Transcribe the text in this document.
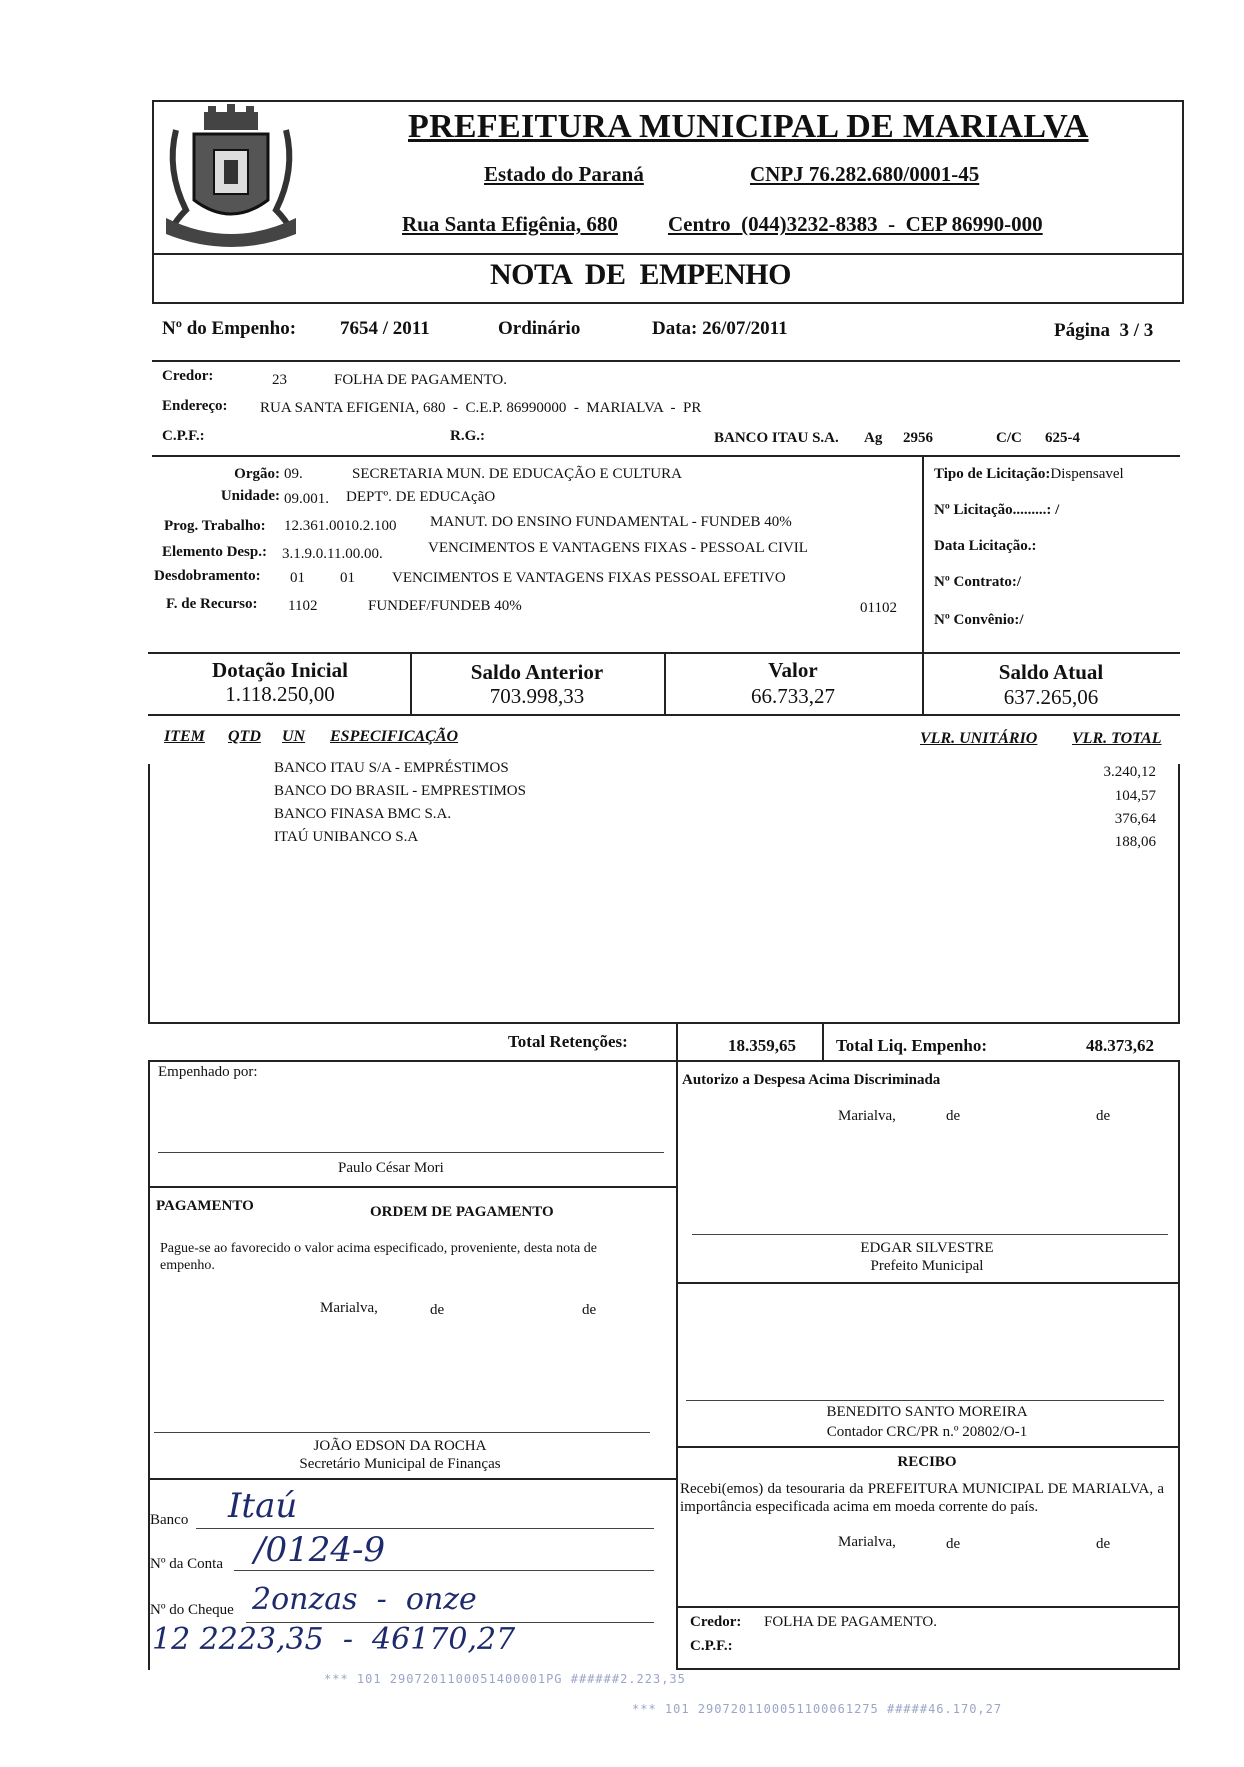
PREFEITURA MUNICIPAL DE MARIALVA
Estado do Paraná	CNPJ 76.282.680/0001-45
Rua Santa Efigênia, 680 Centro  (044)3232-8383  -  CEP 86990-000
NOTA  DE  EMPENHO
Nº do Empenho: 7654 / 2011	Ordinário	Data: 26/07/2011	Página  3 / 3
Credor:	23	FOLHA DE PAGAMENTO.
Endereço: RUA SANTA EFIGENIA, 680  -  C.E.P. 86990000  -  MARIALVA  -  PR
C.P.F.:	R.G.:	BANCO ITAU S.A. Ag 2956	C/C 625-4
Orgão: 09.	SECRETARIA MUN. DE EDUCAÇÃO E CULTURA
Unidade: 09.001. DEPTº. DE EDUCAçãO
Prog. Trabalho: 12.361.0010.2.100 MANUT. DO ENSINO FUNDAMENTAL - FUNDEB 40%
Elemento Desp.: 3.1.9.0.11.00.00.	VENCIMENTOS E VANTAGENS FIXAS - PESSOAL CIVIL
Desdobramento: 01 01 VENCIMENTOS E VANTAGENS FIXAS PESSOAL EFETIVO
F. de Recurso: 1102	FUNDEF/FUNDEB 40%	01102
Tipo de Licitação:Dispensavel
Nº Licitação.........: /
Data Licitação.:
Nº Contrato:/
Nº Convênio:/
Dotação Inicial
1.118.250,00
Saldo Anterior
703.998,33
Valor
66.733,27
Saldo Atual
637.265,06
ITEM QTD UN ESPECIFICAÇÃO	VLR. UNITÁRIO VLR. TOTAL
BANCO ITAU S/A - EMPRÉSTIMOS	3.240,12
BANCO DO BRASIL - EMPRESTIMOS	104,57
BANCO FINASA BMC S.A.	376,64
ITAÚ UNIBANCO S.A	188,06
Total Retenções:	18.359,65 Total Liq. Empenho:	48.373,62
Empenhado por:
Paulo César Mori
Autorizo a Despesa Acima Discriminada
Marialva,	de	de
EDGAR SILVESTRE
Prefeito Municipal
PAGAMENTO	ORDEM DE PAGAMENTO
Pague-se ao favorecido o valor acima especificado, proveniente, desta nota de empenho.
Marialva,	de	de
JOÃO EDSON DA ROCHA
Secretário Municipal de Finanças
BENEDITO SANTO MOREIRA
Contador CRC/PR n.º 20802/O-1
RECIBO
Recebi(emos) da tesouraria da PREFEITURA MUNICIPAL DE MARIALVA, a importância especificada acima em moeda corrente do país.
Marialva,	de	de
Credor: FOLHA DE PAGAMENTO.
C.P.F.:
Banco Itaú
Nº da Conta /0124-9
Nº do Cheque 2onzas  -  onze
12 2223,35  -  46170,27
*** 101 2907201100051400001PG ######2.223,35
*** 101 2907201100051100061275 #####46.170,27
